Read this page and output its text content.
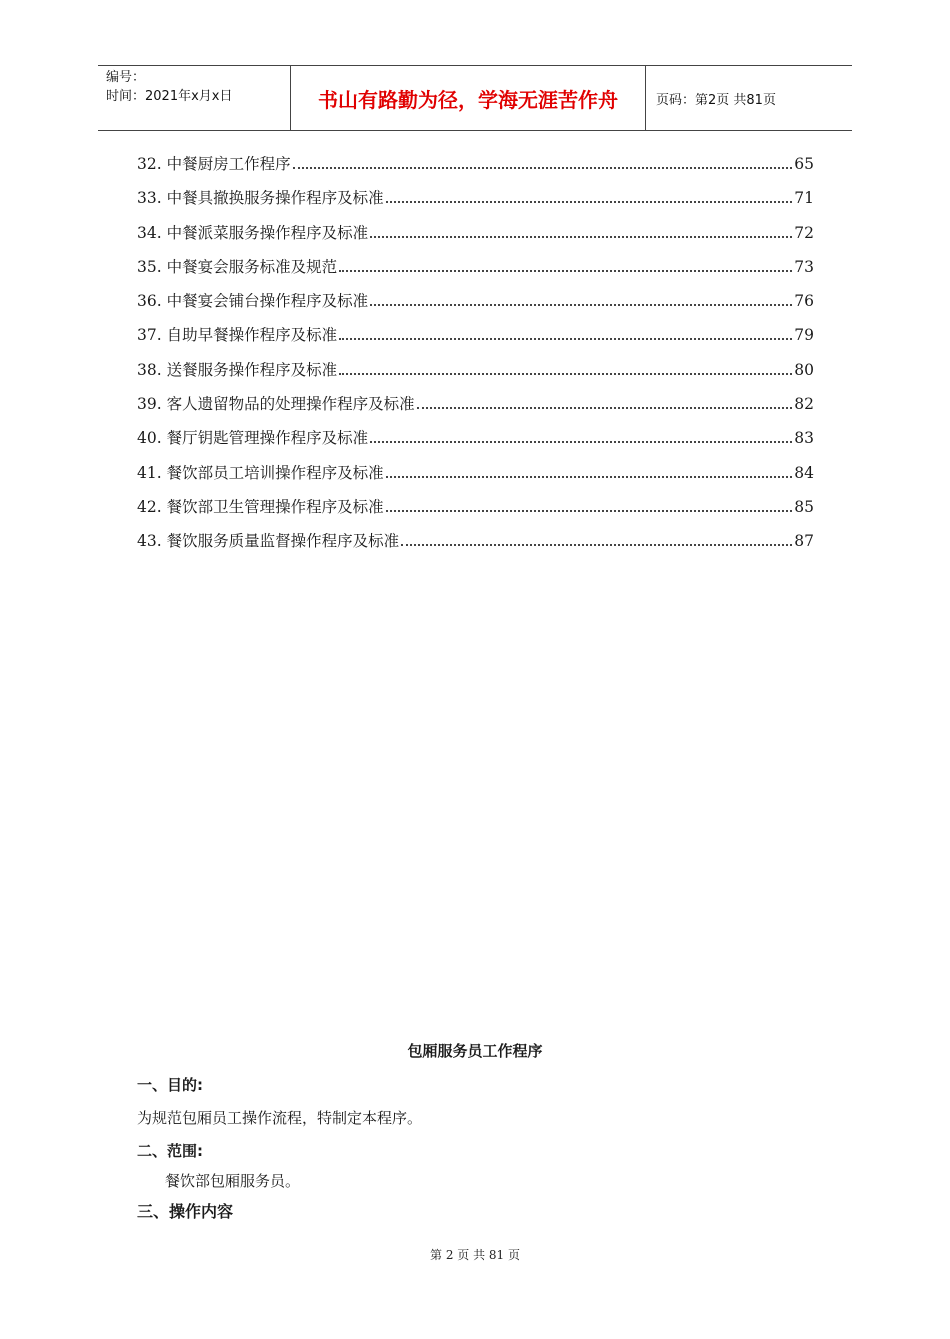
编号：
时间：2021年x月x日	书山有路勤为径，学海无涯苦作舟	页码：第2页 共81页
32. 中餐厨房工作程序	65
33. 中餐具撤换服务操作程序及标准	71
34. 中餐派菜服务操作程序及标准	72
35. 中餐宴会服务标准及规范	73
36. 中餐宴会铺台操作程序及标准	76
37. 自助早餐操作程序及标准	79
38. 送餐服务操作程序及标准	80
39. 客人遗留物品的处理操作程序及标准	82
40. 餐厅钥匙管理操作程序及标准	83
41. 餐饮部员工培训操作程序及标准	84
42. 餐饮部卫生管理操作程序及标准	85
43. 餐饮服务质量监督操作程序及标准	87
包厢服务员工作程序
一、目的:
为规范包厢员工操作流程，特制定本程序。
二、范围:
餐饮部包厢服务员。
三、操作内容
第 2 页 共 81 页
